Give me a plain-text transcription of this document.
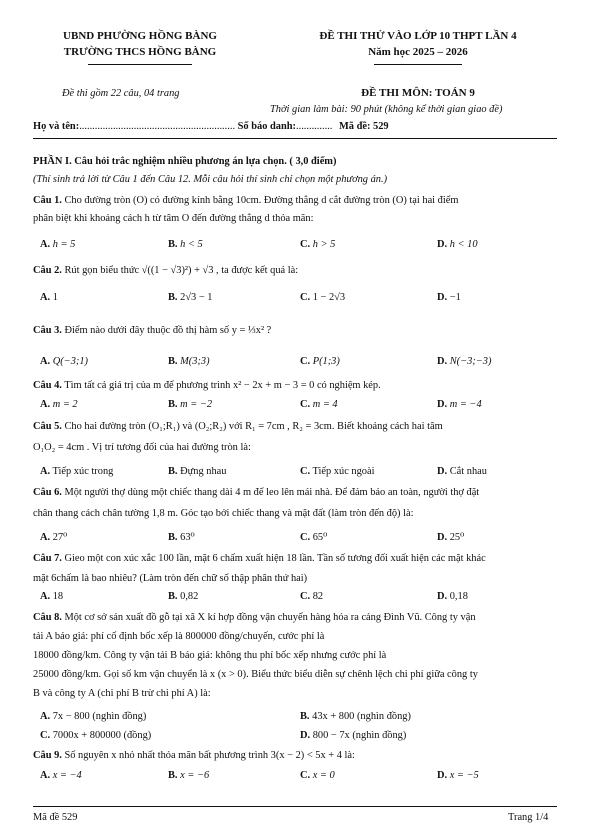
UBND PHƯỜNG HỒNG BÀNG
TRƯỜNG THCS HỒNG BÀNG
ĐỀ THI THỬ VÀO LỚP 10 THPT LẦN 4
Năm học 2025 – 2026
Đề thi gồm 22 câu, 04 trang	ĐỀ THI MÔN: TOÁN 9
Thời gian làm bài: 90 phút (không kể thời gian giao đề)
Họ và tên:............................................................ Số báo danh:.............. Mã đề: 529
PHẦN I. Câu hỏi trắc nghiệm nhiều phương án lựa chọn. ( 3,0 điểm)
(Thí sinh trả lời từ Câu 1 đến Câu 12. Mỗi câu hỏi thí sinh chỉ chọn một phương án.)
Câu 1. Cho đường tròn (O) có đường kính bằng 10cm. Đường thẳng d cắt đường tròn (O) tại hai điểm
phân biệt khi khoảng cách h từ tâm O đến đường thẳng d thỏa mãn:
A. h = 5	B. h < 5	C. h > 5	D. h < 10
Câu 2. Rút gọn biểu thức √((1 − √3)²) + √3 , ta được kết quả là:
A. 1	B. 2√3 − 1	C. 1 − 2√3	D. −1
Câu 3. Điểm nào dưới đây thuộc đồ thị hàm số y = ⅓x² ?
A. Q(−3;1)	B. M(3;3)	C. P(1;3)	D. N(−3;−3)
Câu 4. Tìm tất cả giá trị của m để phương trình x² − 2x + m − 3 = 0 có nghiệm kép.
A. m = 2	B. m = −2	C. m = 4	D. m = −4
Câu 5. Cho hai đường tròn (O₁;R₁) và (O₂;R₂) với R₁ = 7cm , R₂ = 3cm. Biết khoảng cách hai tâm
O₁O₂ = 4cm . Vị trí tương đối của hai đường tròn là:
A. Tiếp xúc trong	B. Đựng nhau	C. Tiếp xúc ngoài	D. Cắt nhau
Câu 6. Một người thợ dùng một chiếc thang dài 4 m để leo lên mái nhà. Để đảm bảo an toàn, người thợ đặt
chân thang cách chân tường 1,8 m. Góc tạo bởi chiếc thang và mặt đất (làm tròn đến độ) là:
A. 27⁰	B. 63⁰	C. 65⁰	D. 25⁰
Câu 7. Gieo một con xúc xắc 100 lần, mặt 6 chấm xuất hiện 18 lần. Tần số tương đối xuất hiện các mặt khác
mặt 6chấm là bao nhiêu? (Làm tròn đến chữ số thập phân thứ hai)
A. 18	B. 0,82	C. 82	D. 0,18
Câu 8. Một cơ sở sản xuất đồ gỗ tại xã X kí hợp đồng vận chuyển hàng hóa ra cảng Đình Vũ. Công ty vận
tải A báo giá: phí cố định bốc xếp là 800000 đồng/chuyến, cước phí là
18000 đồng/km. Công ty vận tải B báo giá: không thu phí bốc xếp nhưng cước phí là
25000 đồng/km. Gọi số km vận chuyển là x (x > 0). Biểu thức biểu diễn sự chênh lệch chi phí giữa công ty
B và công ty A (chi phí B trừ chi phí A) là:
A. 7x − 800 (nghìn đồng)	B. 43x + 800 (nghìn đồng)
C. 7000x + 800000 (đồng)	D. 800 − 7x (nghìn đồng)
Câu 9. Số nguyên x nhỏ nhất thỏa mãn bất phương trình 3(x − 2) < 5x + 4 là:
A. x = −4	B. x = −6	C. x = 0	D. x = −5
Mã đề 529	Trang 1/4
